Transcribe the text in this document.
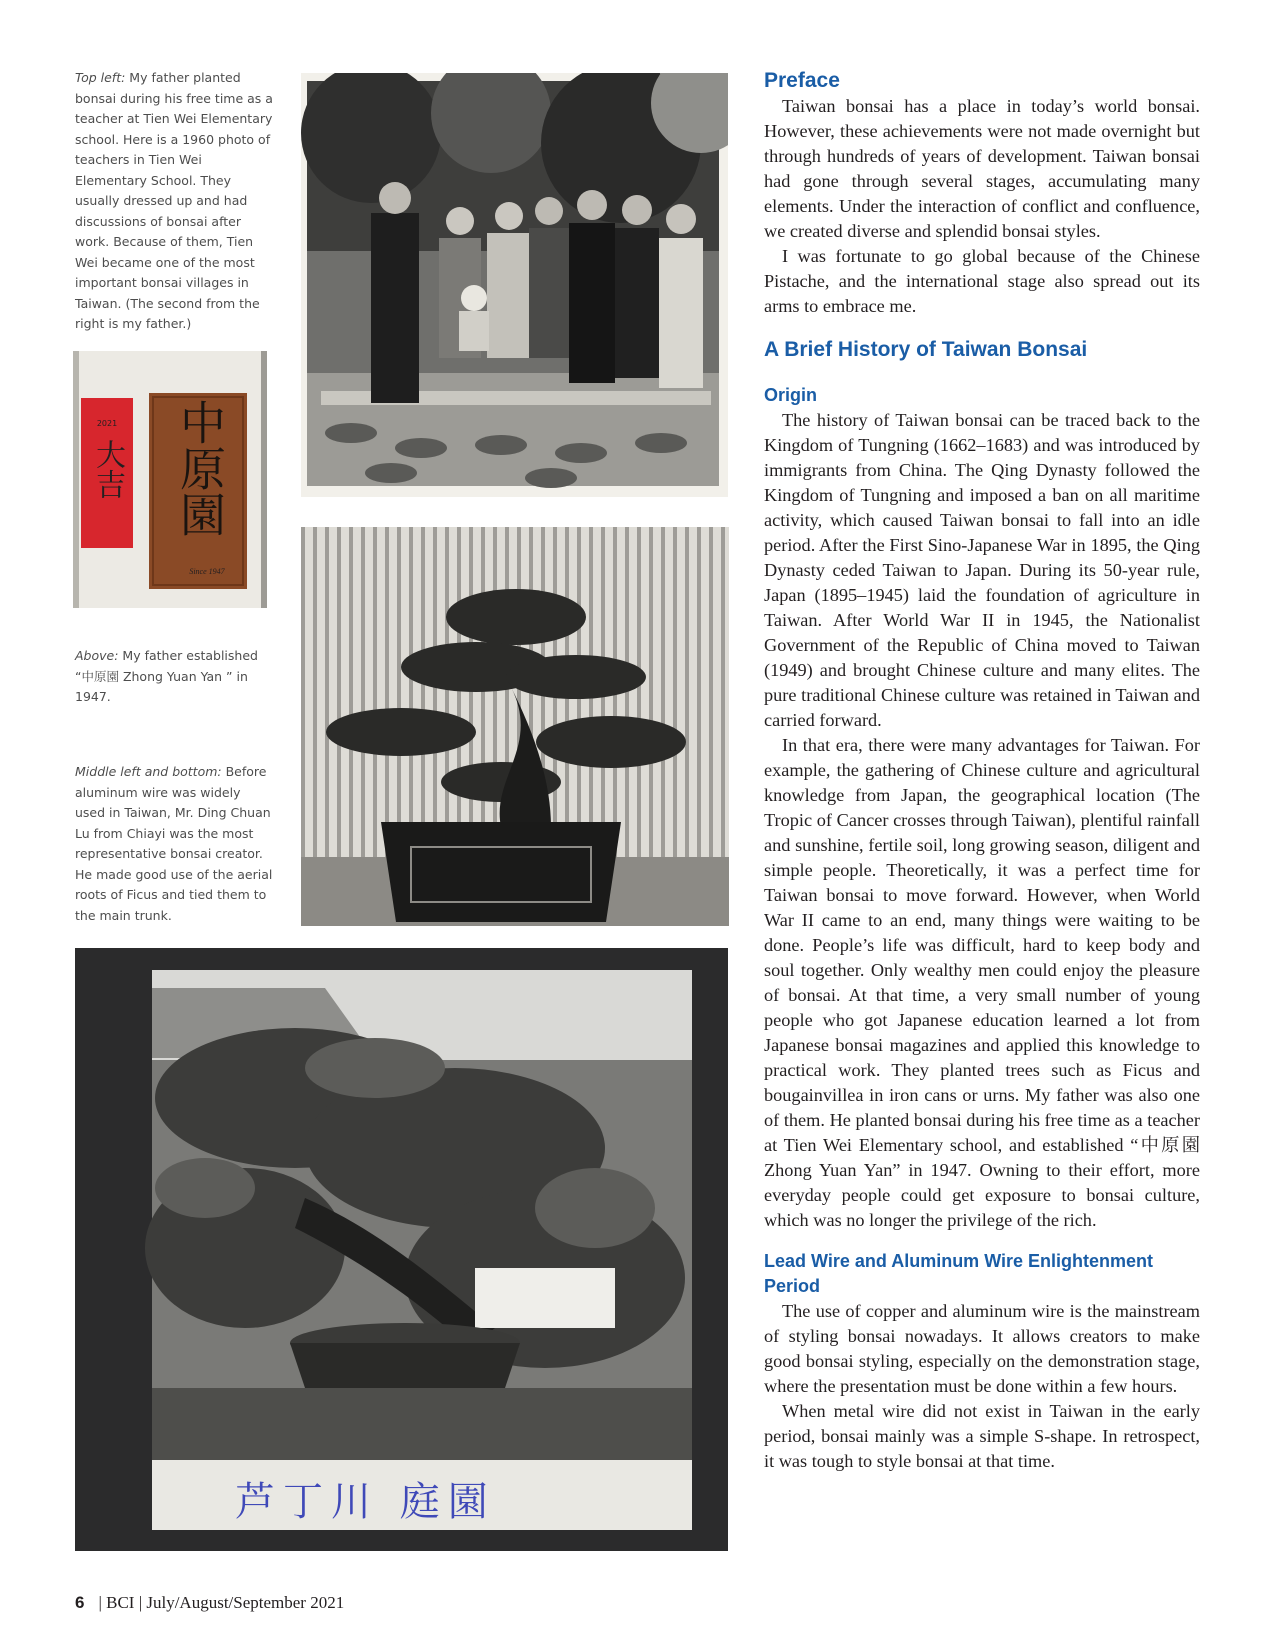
Top left: My father planted bonsai during his free time as a teacher at Tien Wei Elementary school. Here is a 1960 photo of teachers in Tien Wei Elementary School. They usually dressed up and had discussions of bonsai after work. Because of them, Tien Wei became one of the most important bonsai villages in Taiwan. (The second from the right is my father.)
Above: My father established “中原園 Zhong Yuan Yan ” in 1947.
Middle left and bottom: Before aluminum wire was widely used in Taiwan, Mr. Ding Chuan Lu from Chiayi was the most representative bonsai creator. He made good use of the aerial roots of Ficus and tied them to the main trunk.
2021
大吉 中原園
Since 1947
芦丁川 庭園
Preface

Taiwan bonsai has a place in today’s world bonsai. However, these achievements were not made overnight but through hundreds of years of development. Taiwan bonsai had gone through several stages, accumulating many elements. Under the interaction of conflict and confluence, we created diverse and splendid bonsai styles.

I was fortunate to go global because of the Chinese Pistache, and the international stage also spread out its arms to embrace me.

A Brief History of Taiwan Bonsai
Origin

The history of Taiwan bonsai can be traced back to the Kingdom of Tungning (1662–1683) and was introduced by immigrants from China. The Qing Dynasty followed the Kingdom of Tungning and imposed a ban on all maritime activity, which caused Taiwan bonsai to fall into an idle period. After the First Sino-Japanese War in 1895, the Qing Dynasty ceded Taiwan to Japan. During its 50-year rule, Japan (1895–1945) laid the foundation of agriculture in Taiwan. After World War II in 1945, the Nationalist Government of the Republic of China moved to Taiwan (1949) and brought Chinese culture and many elites. The pure traditional Chinese culture was retained in Taiwan and carried forward.

In that era, there were many advantages for Taiwan. For example, the gathering of Chinese culture and agricultural knowledge from Japan, the geographical location (The Tropic of Cancer crosses through Taiwan), plentiful rainfall and sunshine, fertile soil, long growing season, diligent and simple people. Theoretically, it was a perfect time for Taiwan bonsai to move forward. However, when World War II came to an end, many things were waiting to be done. People’s life was difficult, hard to keep body and soul together. Only wealthy men could enjoy the pleasure of bonsai. At that time, a very small number of young people who got Japanese education learned a lot from Japanese bonsai magazines and applied this knowledge to practical work. They planted trees such as Ficus and bougainvillea in iron cans or urns. My father was also one of them. He planted bonsai during his free time as a teacher at Tien Wei Elementary school, and established “中原園 Zhong Yuan Yan” in 1947. Owning to their effort, more everyday people could get exposure to bonsai culture, which was no longer the privilege of the rich.

Lead Wire and Aluminum Wire Enlightenment Period

The use of copper and aluminum wire is the mainstream of styling bonsai nowadays. It allows creators to make good bonsai styling, especially on the demonstration stage, where the presentation must be done within a few hours.

When metal wire did not exist in Taiwan in the early period, bonsai mainly was a simple S-shape. In retrospect, it was tough to style bonsai at that time.

6 | BCI | July/August/September 2021
